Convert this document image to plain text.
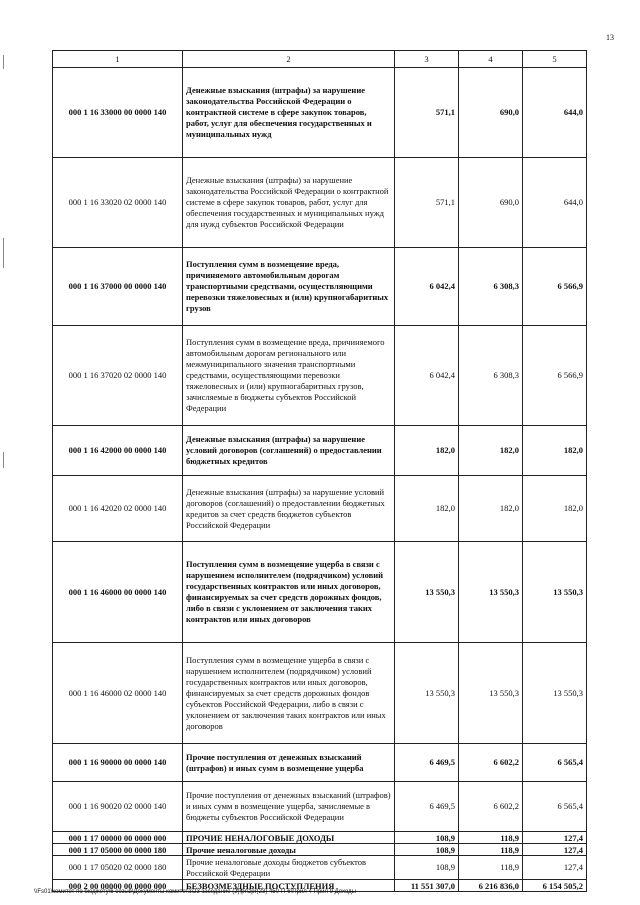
13
1	2	3	4	5
000 1 16 33000 00 0000 140	Денежные взыскания (штрафы) за нарушение законодательства Российской Федерации о контрактной системе в сфере закупок товаров, работ, услуг для обеспечения государственных и муниципальных нужд	571,1	690,0	644,0
000 1 16 33020 02 0000 140	Денежные взыскания (штрафы) за нарушение законодательства Российской Федерации о контрактной системе в сфере закупок товаров, работ, услуг для обеспечения государственных и муниципальных нужд для нужд субъектов Российской Федерации	571,1	690,0	644,0
000 1 16 37000 00 0000 140	Поступления сумм в возмещение вреда, причиняемого автомобильным дорогам транспортными средствами, осуществляющими перевозки тяжеловесных и (или) крупногабаритных грузов	6 042,4	6 308,3	6 566,9
000 1 16 37020 02 0000 140	Поступления сумм в возмещение вреда, причиняемого автомобильным дорогам регионального или межмуниципального значения транспортными средствами, осуществляющими перевозки тяжеловесных и (или) крупногабаритных грузов, зачисляемые в бюджеты субъектов Российской Федерации	6 042,4	6 308,3	6 566,9
000 1 16 42000 00 0000 140	Денежные взыскания (штрафы) за нарушение условий договоров (соглашений) о предоставлении бюджетных кредитов	182,0	182,0	182,0
000 1 16 42020 02 0000 140	Денежные взыскания (штрафы) за нарушение условий договоров (соглашений) о предоставлении бюджетных кредитов за счет средств бюджетов субъектов Российской Федерации	182,0	182,0	182,0
000 1 16 46000 00 0000 140	Поступления сумм в возмещение ущерба в связи с нарушением исполнителем (подрядчиком) условий государственных контрактов или иных договоров, финансируемых за счет средств дорожных фондов, либо в связи с уклонением от заключения таких контрактов или иных договоров	13 550,3	13 550,3	13 550,3
000 1 16 46000 02 0000 140	Поступления сумм в возмещение ущерба в связи с нарушением исполнителем (подрядчиком) условий государственных контрактов или иных договоров, финансируемых за счет средств дорожных фондов субъектов Российской Федерации, либо в связи с уклонением от заключения таких контрактов или иных договоров	13 550,3	13 550,3	13 550,3
000 1 16 90000 00 0000 140	Прочие поступления от денежных взысканий (штрафов) и иных сумм в возмещение ущерба	6 469,5	6 602,2	6 565,4
000 1 16 90020 02 0000 140	Прочие поступления от денежных взысканий (штрафов) и иных сумм в возмещение ущерба, зачисляемые в бюджеты субъектов Российской Федерации	6 469,5	6 602,2	6 565,4
000 1 17 00000 00 0000 000	ПРОЧИЕ НЕНАЛОГОВЫЕ ДОХОДЫ	108,9	118,9	127,4
000 1 17 05000 00 0000 180	Прочие неналоговые доходы	108,9	118,9	127,4
000 1 17 05020 02 0000 180	Прочие неналоговые доходы бюджетов субъектов Российской Федерации	108,9	118,9	127,4
000 2 00 00000 00 0000 000	БЕЗВОЗМЕЗДНЫЕ ПОСТУПЛЕНИЯ	11 551 307,0	6 216 836,0	6 154 505,2
\\Fs01\комитет по бюджету\6 созыв\Документы комитета\23 заседание (2)\pr\zpr(23) 450-П-6\Прил 4 Прил 9 Доходы
